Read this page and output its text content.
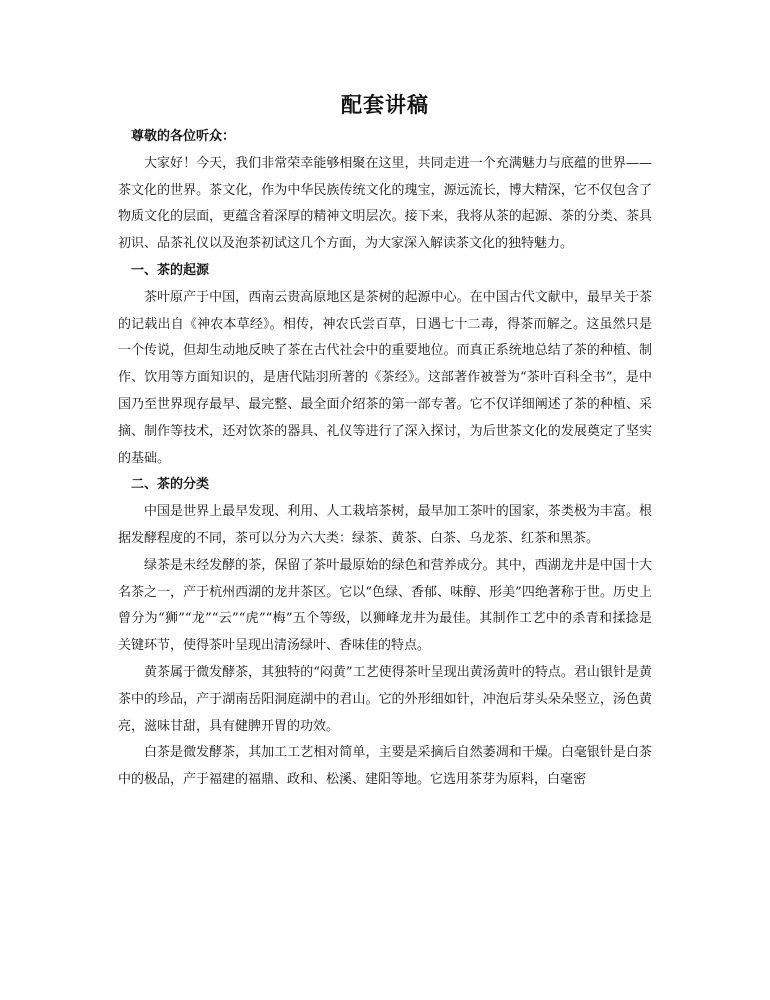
配套讲稿

尊敬的各位听众：

大家好！今天，我们非常荣幸能够相聚在这里，共同走进一个充满魅力与底蕴的世界——茶文化的世界。茶文化，作为中华民族传统文化的瑰宝，源远流长，博大精深，它不仅包含了物质文化的层面，更蕴含着深厚的精神文明层次。接下来，我将从茶的起源、茶的分类、茶具初识、品茶礼仪以及泡茶初试这几个方面，为大家深入解读茶文化的独特魅力。

一、茶的起源

茶叶原产于中国，西南云贵高原地区是茶树的起源中心。在中国古代文献中，最早关于茶的记载出自《神农本草经》。相传，神农氏尝百草，日遇七十二毒，得茶而解之。这虽然只是一个传说，但却生动地反映了茶在古代社会中的重要地位。而真正系统地总结了茶的种植、制作、饮用等方面知识的，是唐代陆羽所著的《茶经》。这部著作被誉为“茶叶百科全书”，是中国乃至世界现存最早、最完整、最全面介绍茶的第一部专著。它不仅详细阐述了茶的种植、采摘、制作等技术，还对饮茶的器具、礼仪等进行了深入探讨，为后世茶文化的发展奠定了坚实的基础。

二、茶的分类

中国是世界上最早发现、利用、人工栽培茶树，最早加工茶叶的国家，茶类极为丰富。根据发酵程度的不同，茶可以分为六大类：绿茶、黄茶、白茶、乌龙茶、红茶和黑茶。

绿茶是未经发酵的茶，保留了茶叶最原始的绿色和营养成分。其中，西湖龙井是中国十大名茶之一，产于杭州西湖的龙井茶区。它以“色绿、香郁、味醇、形美”四绝著称于世。历史上曾分为“狮”“龙”“云”“虎”“梅”五个等级，以狮峰龙井为最佳。其制作工艺中的杀青和揉捻是关键环节，使得茶叶呈现出清汤绿叶、香味佳的特点。

黄茶属于微发酵茶，其独特的“闷黄”工艺使得茶叶呈现出黄汤黄叶的特点。君山银针是黄茶中的珍品，产于湖南岳阳洞庭湖中的君山。它的外形细如针，冲泡后芽头朵朵竖立，汤色黄亮，滋味甘甜，具有健脾开胃的功效。

白茶是微发酵茶，其加工工艺相对简单，主要是采摘后自然萎凋和干燥。白毫银针是白茶中的极品，产于福建的福鼎、政和、松溪、建阳等地。它选用茶芽为原料，白毫密
